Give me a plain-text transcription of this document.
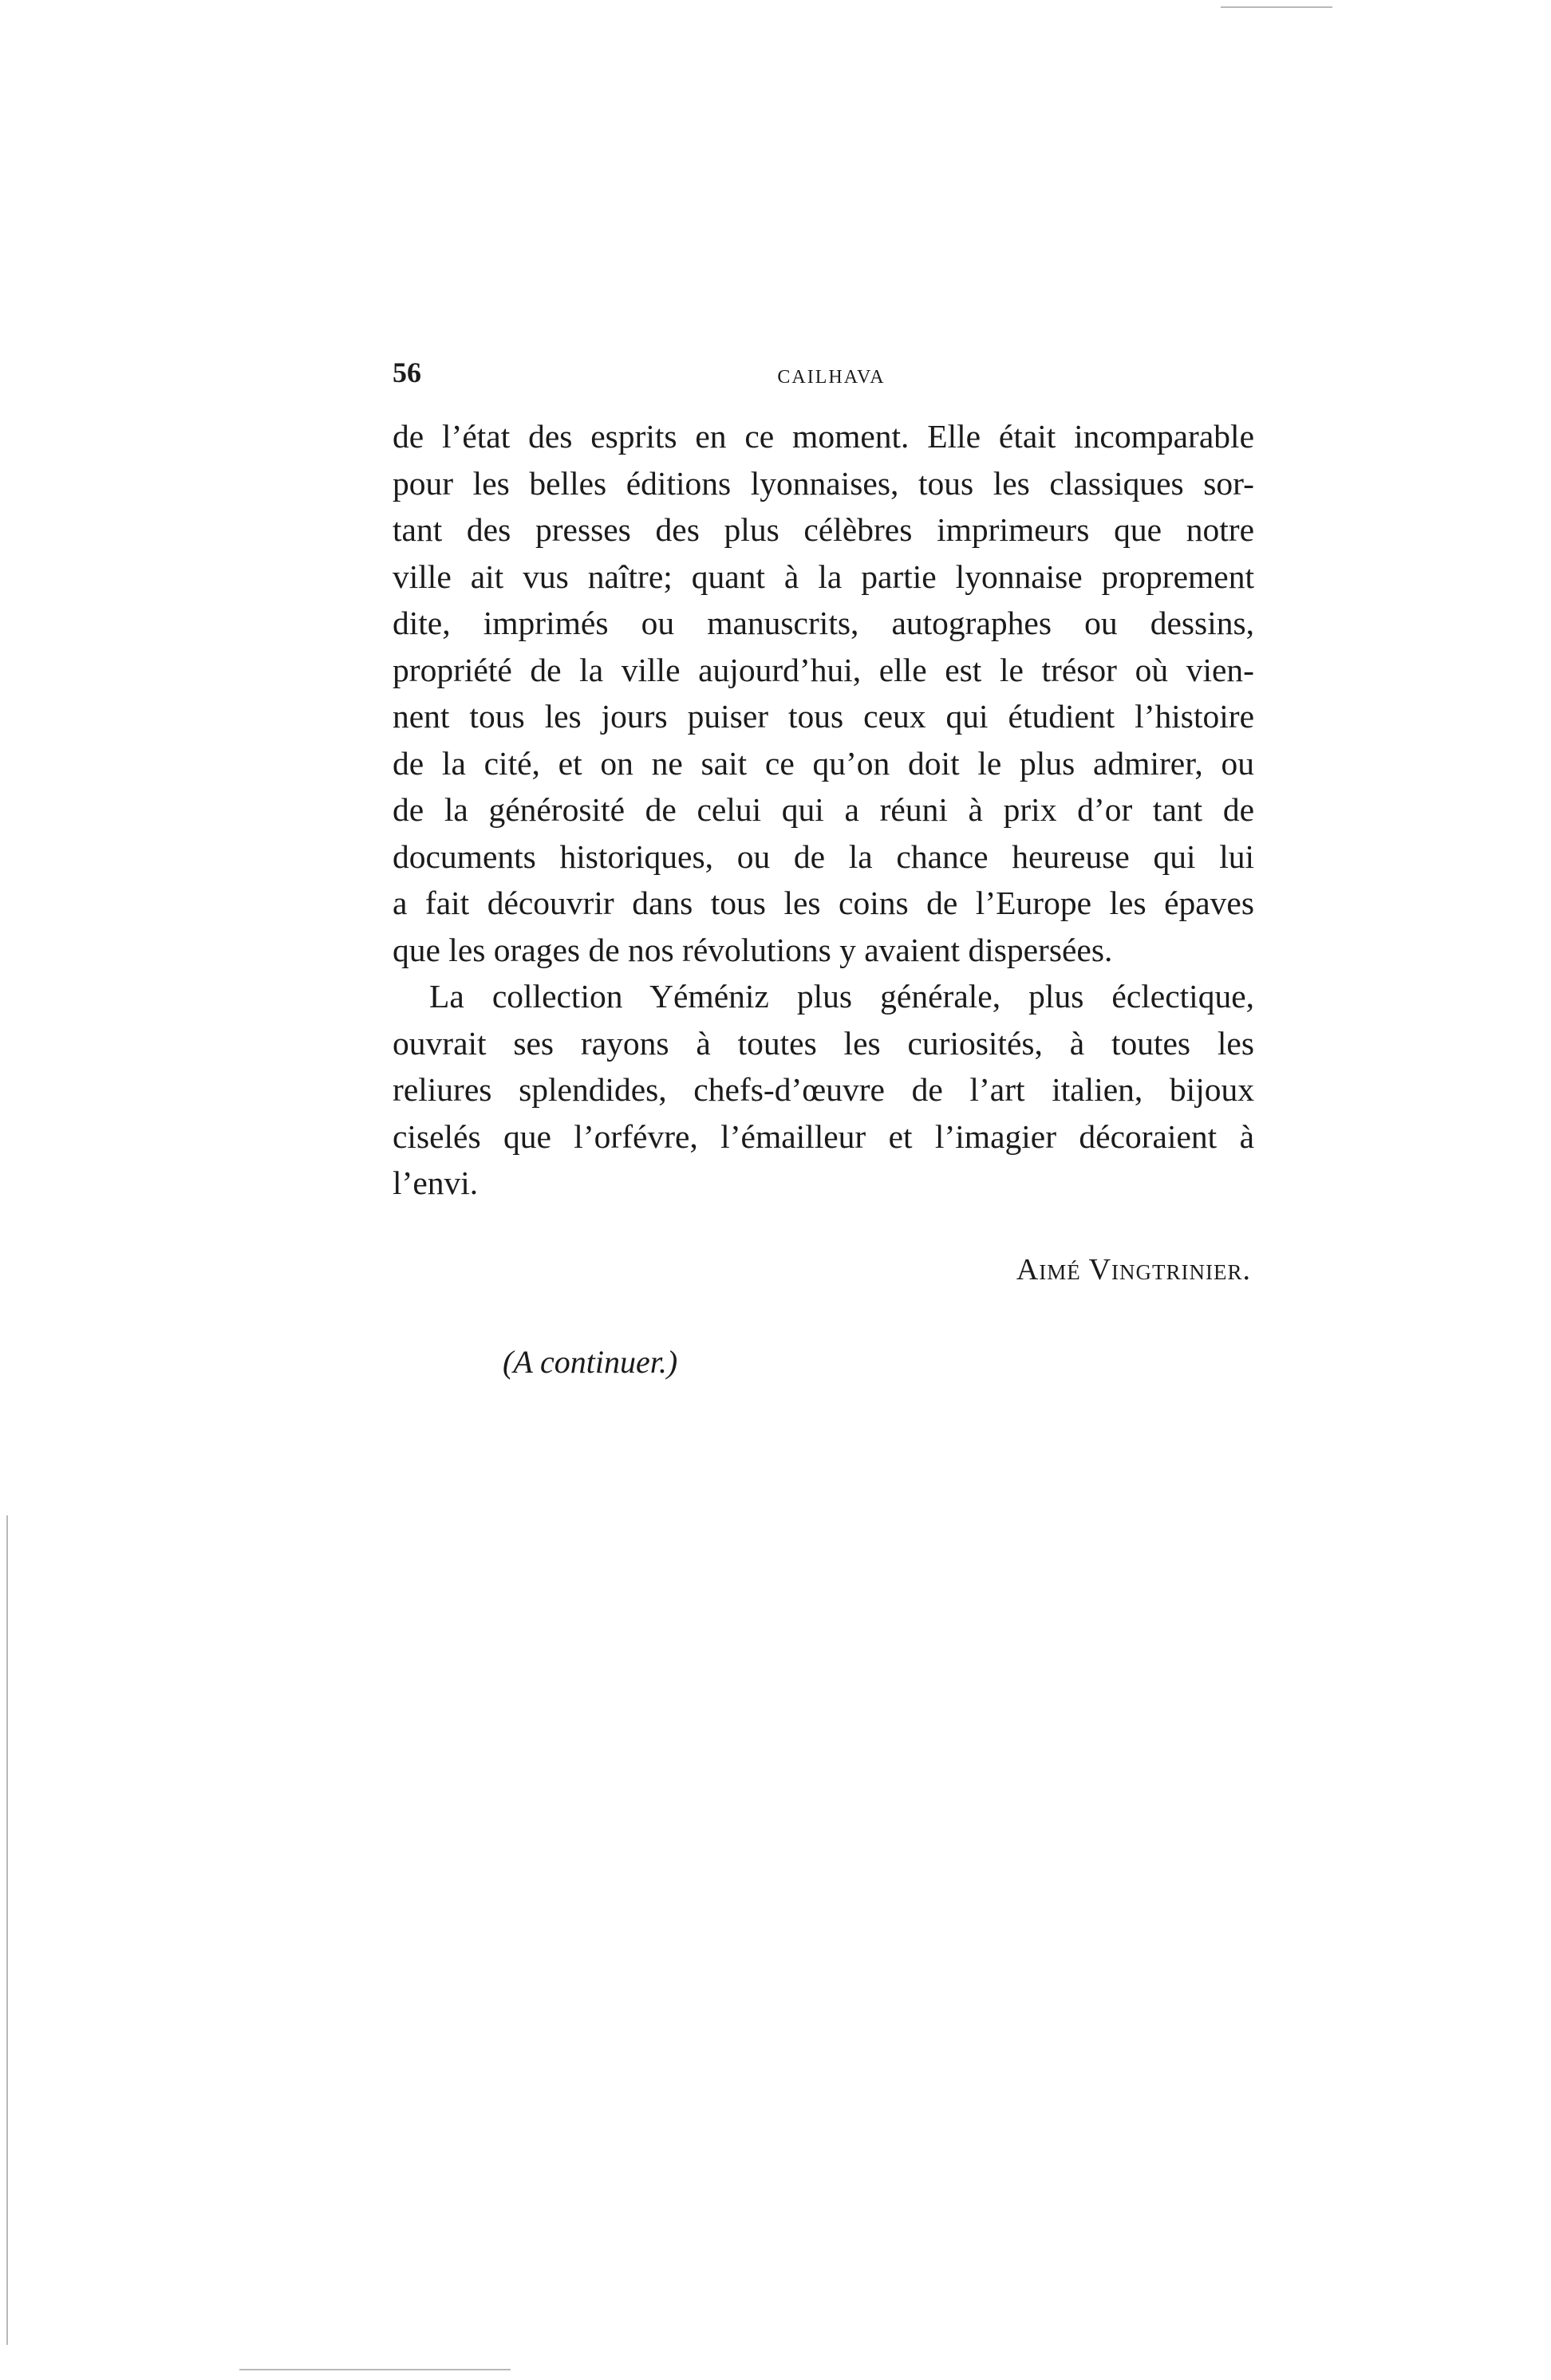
56	CAILHAVA
de l’état des esprits en ce moment. Elle était incomparable
pour les belles éditions lyonnaises, tous les classiques sor-
tant des presses des plus célèbres imprimeurs que notre
ville ait vus naître; quant à la partie lyonnaise proprement
dite, imprimés ou manuscrits, autographes ou dessins,
propriété de la ville aujourd’hui, elle est le trésor où vien-
nent tous les jours puiser tous ceux qui étudient l’histoire
de la cité, et on ne sait ce qu’on doit le plus admirer, ou
de la générosité de celui qui a réuni à prix d’or tant de
documents historiques, ou de la chance heureuse qui lui
a fait découvrir dans tous les coins de l’Europe les épaves
que les orages de nos révolutions y avaient dispersées.
La collection Yéméniz plus générale, plus éclectique,
ouvrait ses rayons à toutes les curiosités, à toutes les
reliures splendides, chefs-d’œuvre de l’art italien, bijoux
ciselés que l’orfévre, l’émailleur et l’imagier décoraient à
l’envi.
Aimé Vingtrinier.
(A continuer.)
